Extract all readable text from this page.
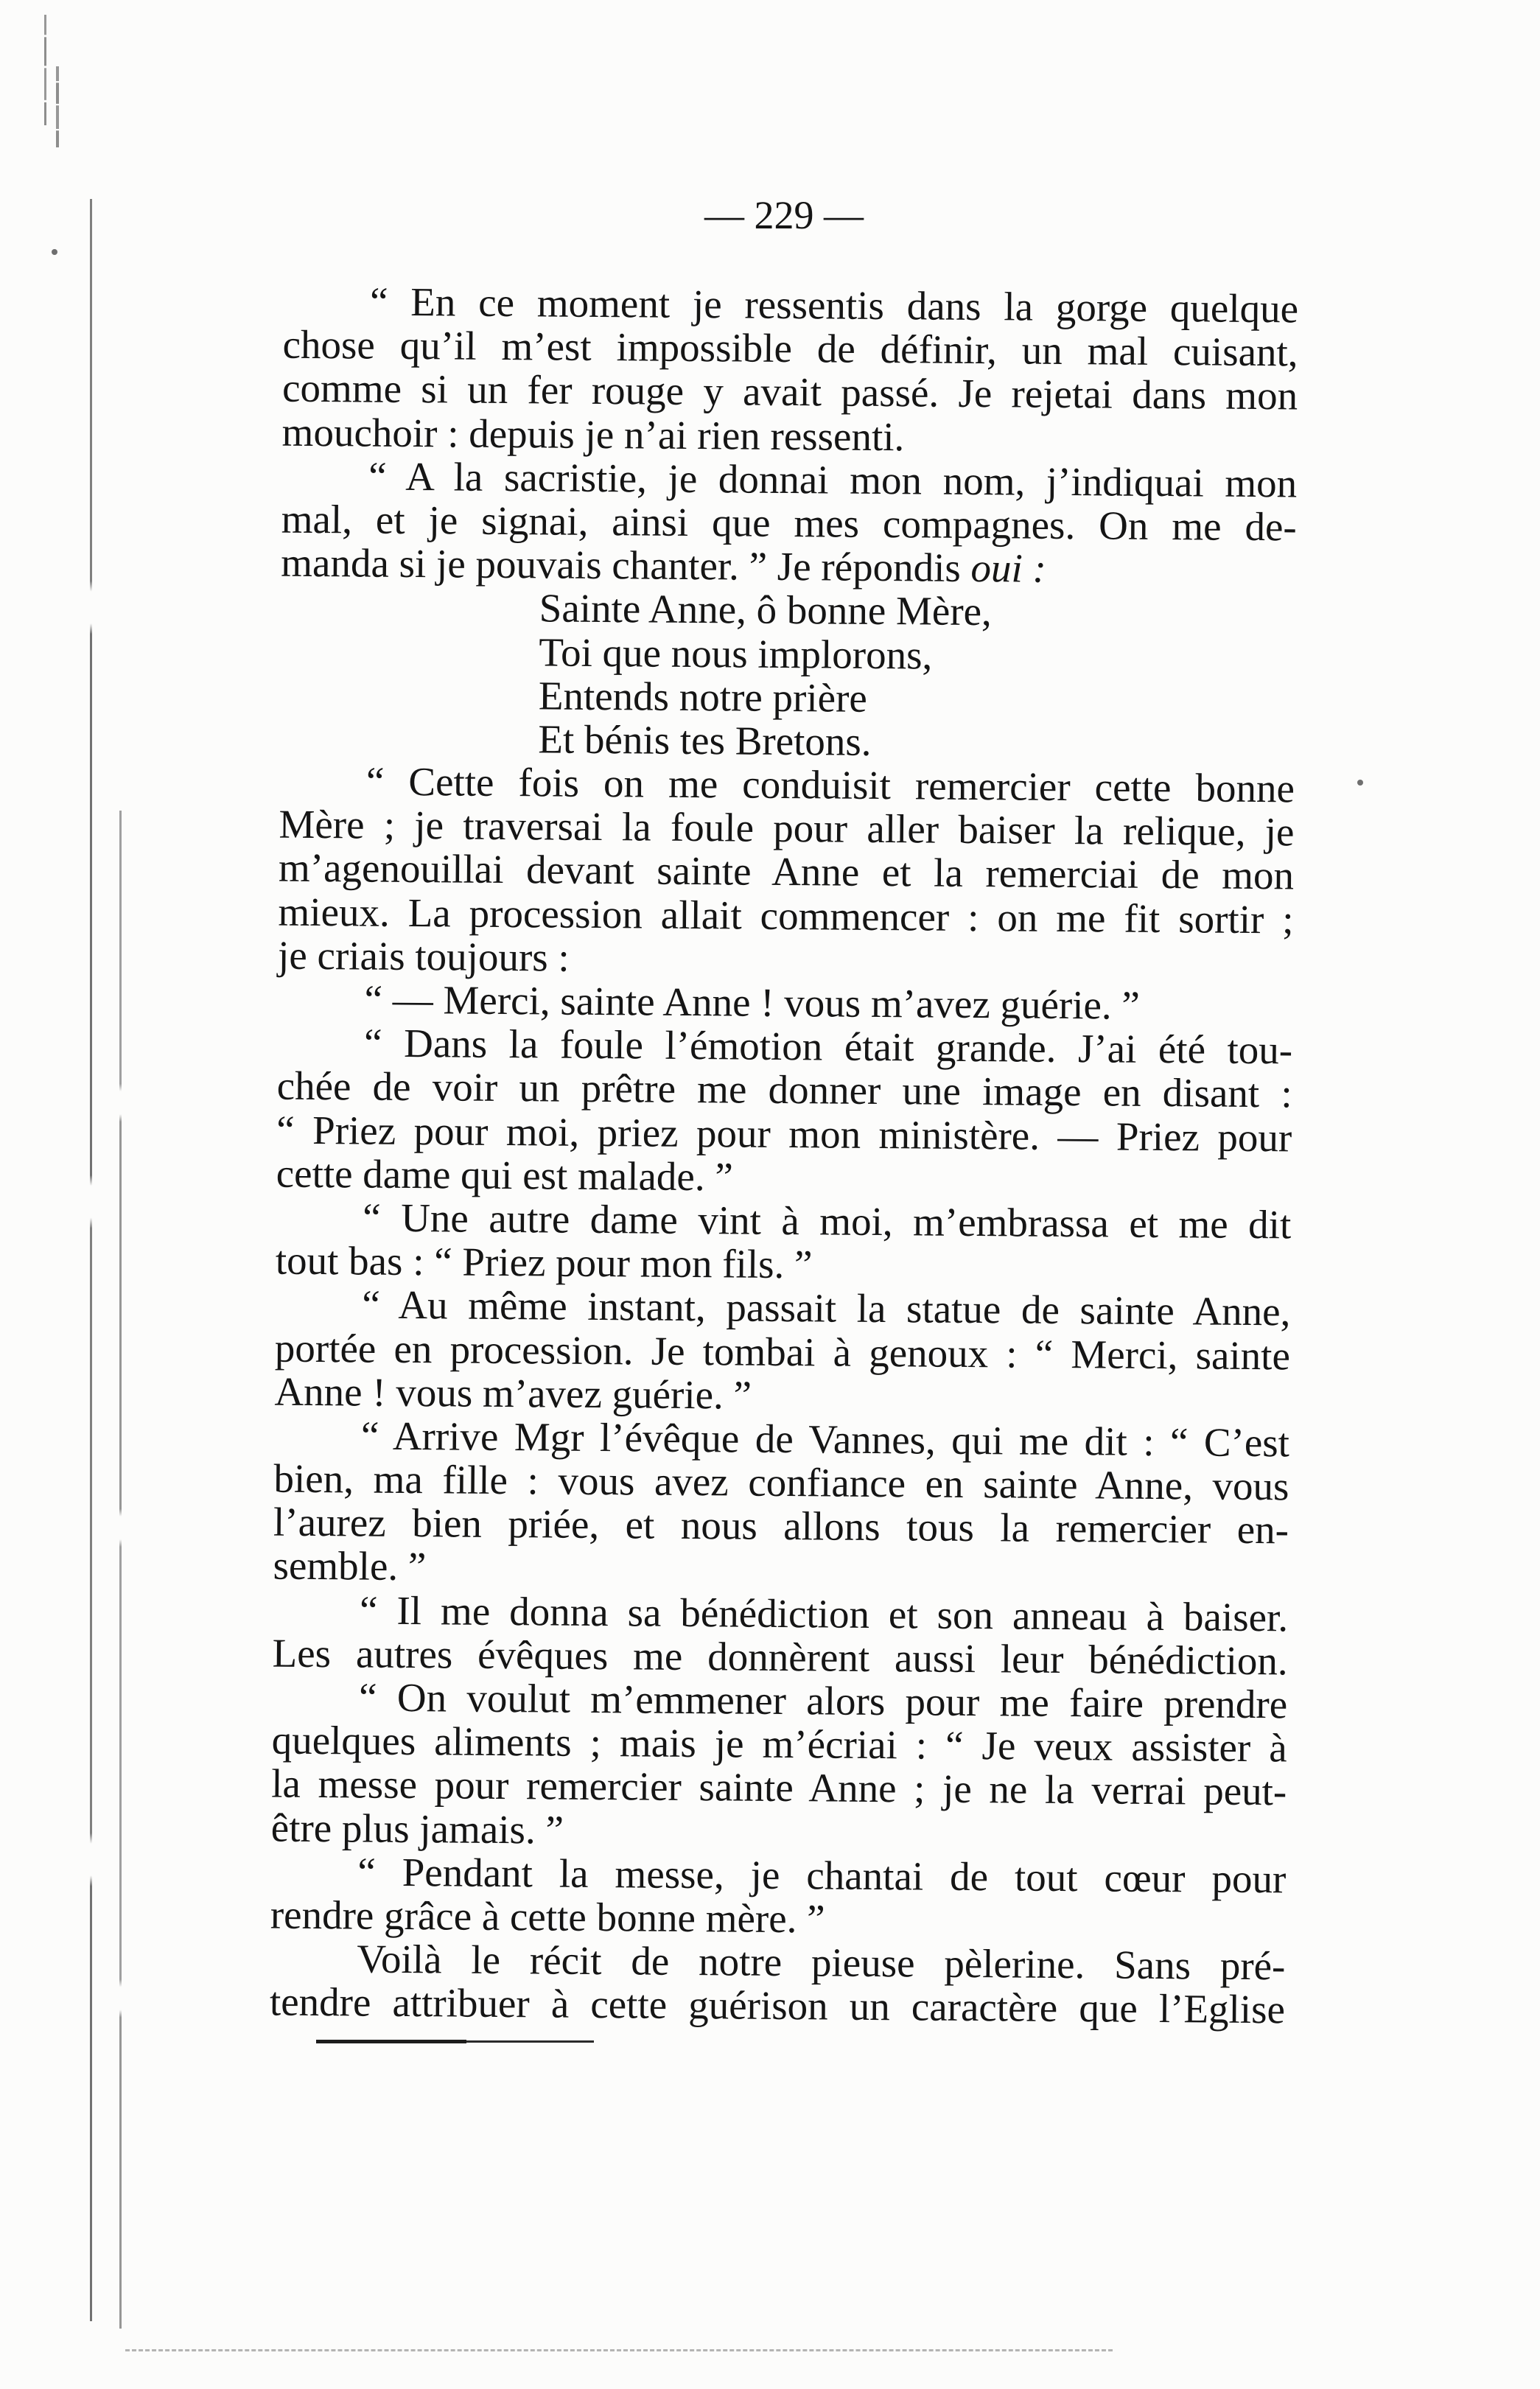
— 229 —
“ En ce moment je ressentis dans la gorge quelque
chose qu’il m’est impossible de définir, un mal cuisant,
comme si un fer rouge y avait passé. Je rejetai dans mon
mouchoir : depuis je n’ai rien ressenti.
“ A la sacristie, je donnai mon nom, j’indiquai mon
mal, et je signai, ainsi que mes compagnes. On me de-
manda si je pouvais chanter. ” Je répondis oui :
Sainte Anne, ô bonne Mère,
Toi que nous implorons,
Entends notre prière
Et bénis tes Bretons.
“ Cette fois on me conduisit remercier cette bonne
Mère ; je traversai la foule pour aller baiser la relique, je
m’agenouillai devant sainte Anne et la remerciai de mon
mieux. La procession allait commencer : on me fit sortir ;
je criais toujours :
“ — Merci, sainte Anne ! vous m’avez guérie. ”
“ Dans la foule l’émotion était grande. J’ai été tou-
chée de voir un prêtre me donner une image en disant :
“ Priez pour moi, priez pour mon ministère. — Priez pour
cette dame qui est malade. ”
“ Une autre dame vint à moi, m’embrassa et me dit
tout bas : “ Priez pour mon fils. ”
“ Au même instant, passait la statue de sainte Anne,
portée en procession. Je tombai à genoux : “ Merci, sainte
Anne ! vous m’avez guérie. ”
“ Arrive Mgr l’évêque de Vannes, qui me dit : “ C’est
bien, ma fille : vous avez confiance en sainte Anne, vous
l’aurez bien priée, et nous allons tous la remercier en-
semble. ”
“ Il me donna sa bénédiction et son anneau à baiser.
Les autres évêques me donnèrent aussi leur bénédiction.
“ On voulut m’emmener alors pour me faire prendre
quelques aliments ; mais je m’écriai : “ Je veux assister à
la messe pour remercier sainte Anne ; je ne la verrai peut-
être plus jamais. ”
“ Pendant la messe, je chantai de tout cœur pour
rendre grâce à cette bonne mère. ”
Voilà le récit de notre pieuse pèlerine. Sans pré-
tendre attribuer à cette guérison un caractère que l’Eglise
